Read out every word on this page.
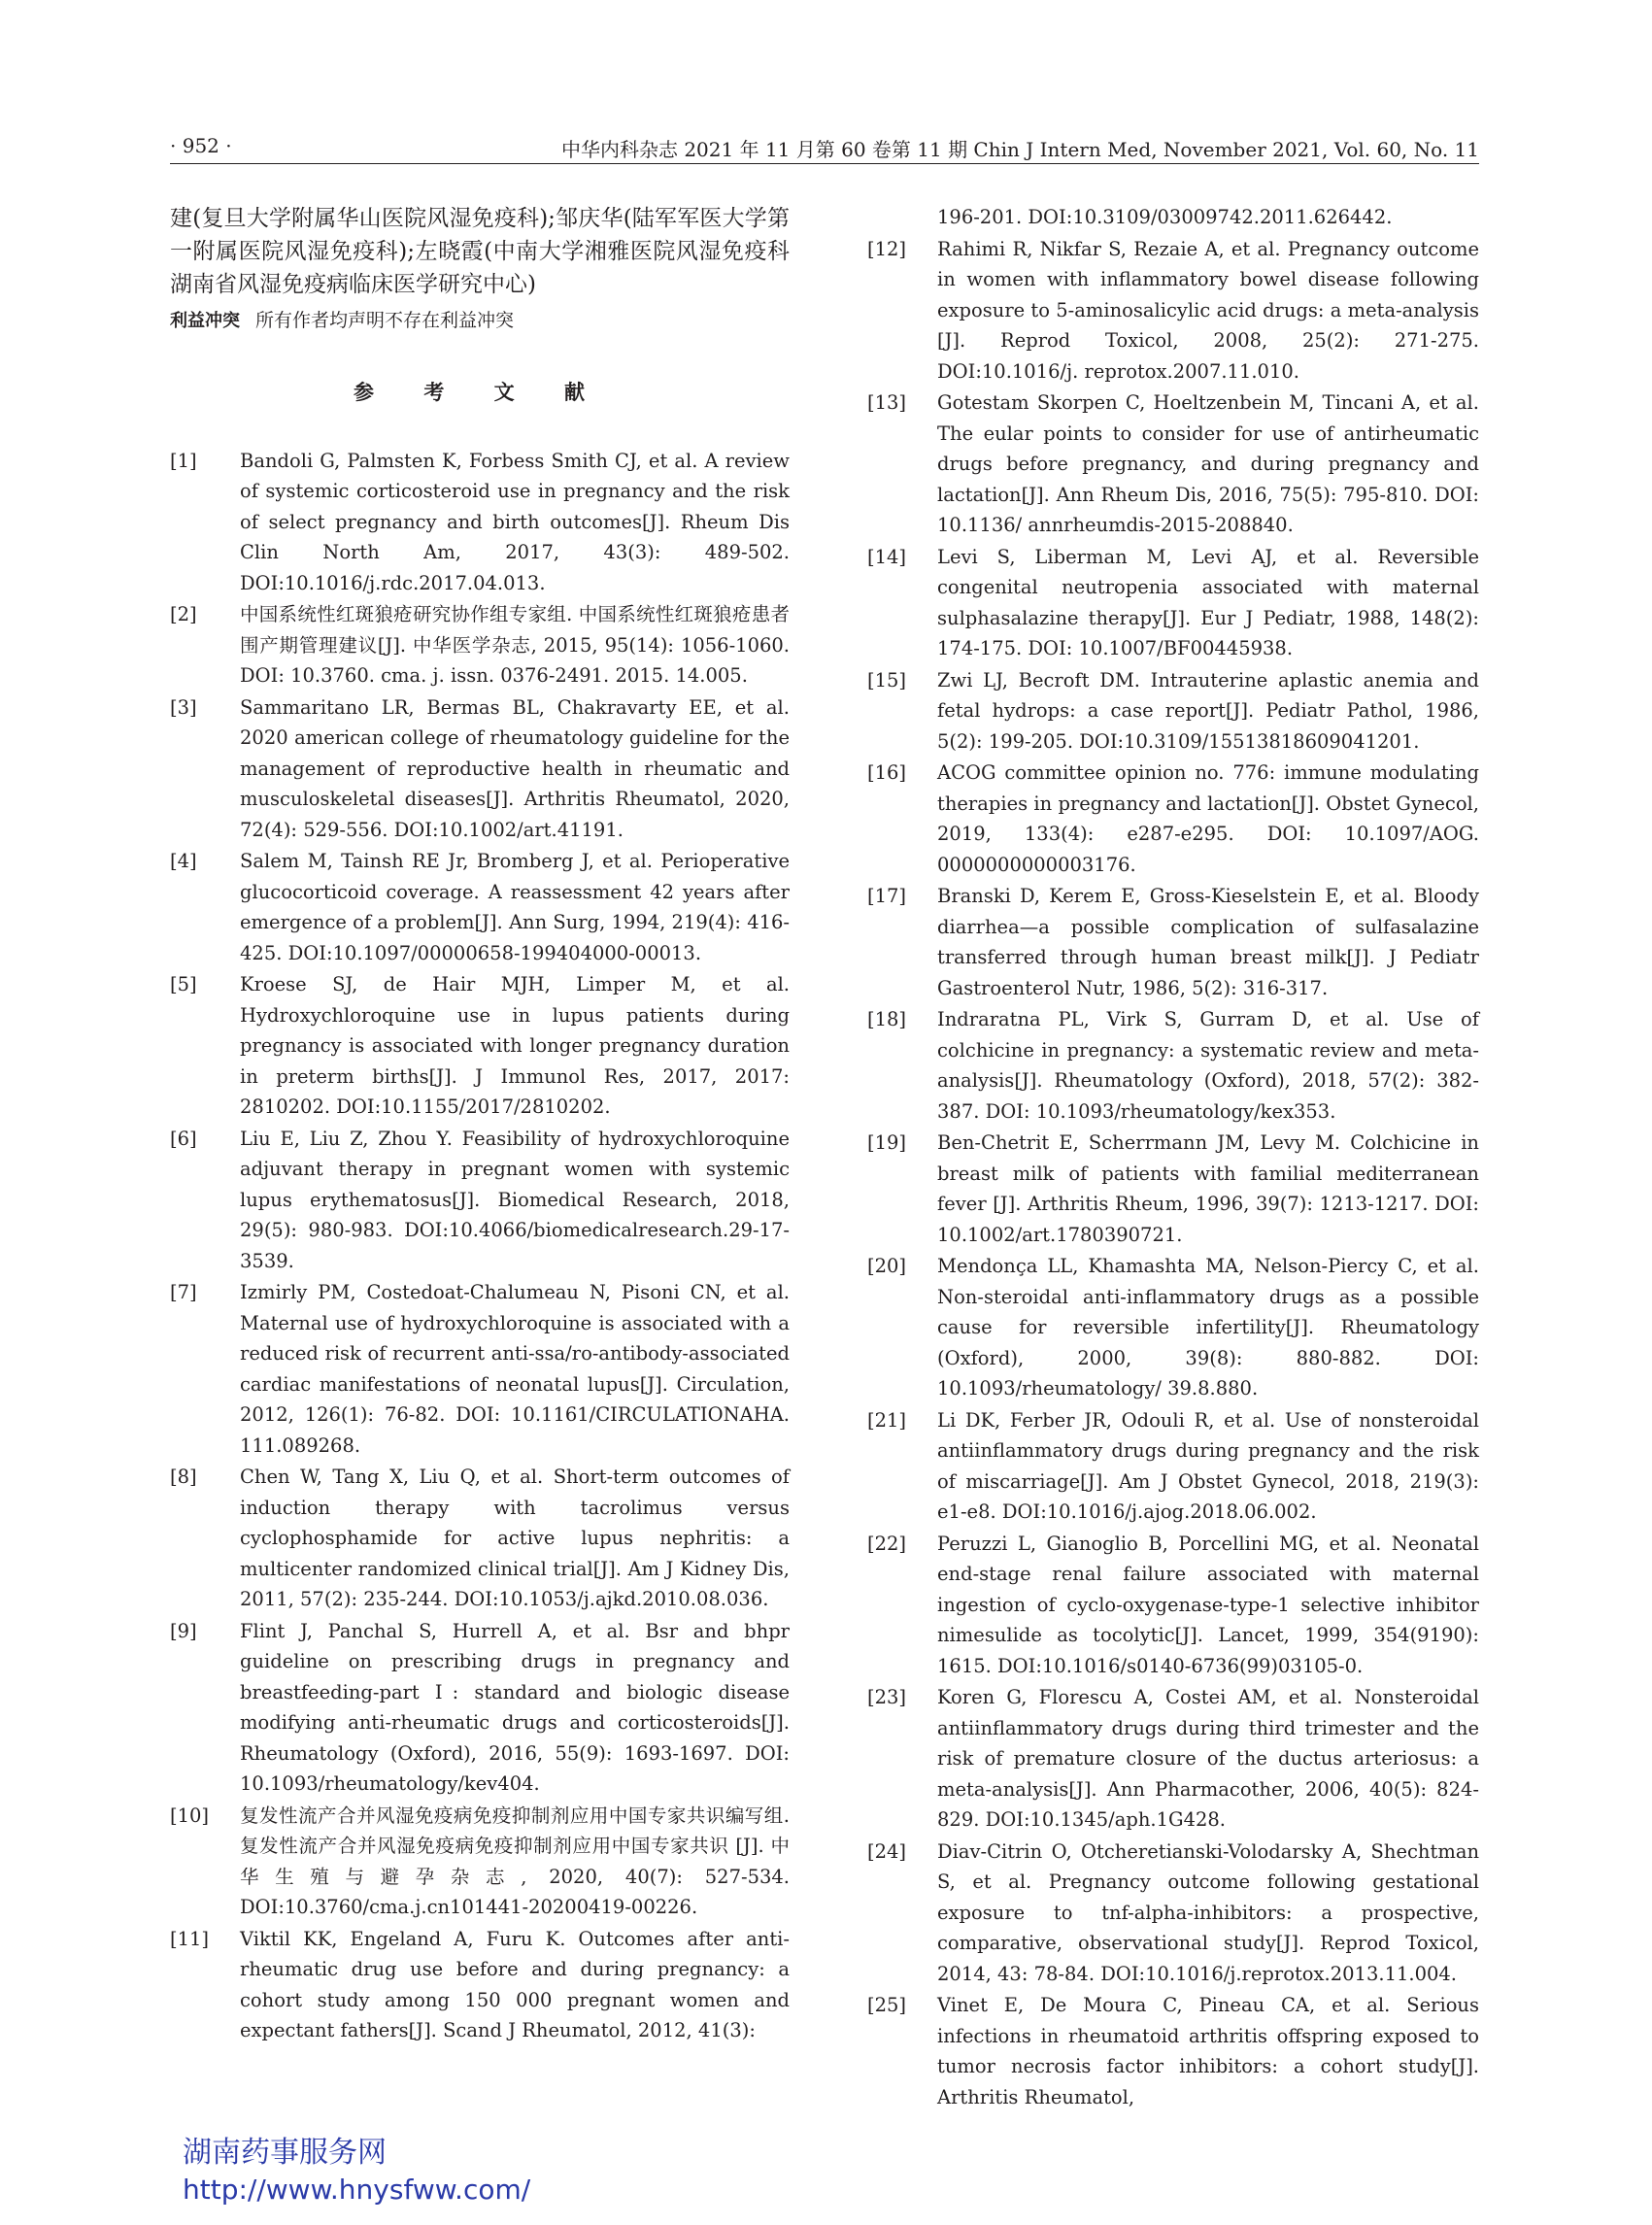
· 952 ·	中华内科杂志 2021 年 11 月第 60 卷第 11 期 Chin J Intern Med, November 2021, Vol. 60, No. 11

建(复旦大学附属华山医院风湿免疫科);邹庆华(陆军军医大学第一附属医院风湿免疫科);左晓霞(中南大学湘雅医院风湿免疫科 湖南省风湿免疫病临床医学研究中心)

利益冲突 所有作者均声明不存在利益冲突
参 考 文 献
[1]	Bandoli G, Palmsten K, Forbess Smith CJ, et al. A review of systemic corticosteroid use in pregnancy and the risk of select pregnancy and birth outcomes[J]. Rheum Dis Clin North Am, 2017, 43(3): 489-502. DOI:10.1016/j.rdc.2017.04.013.
[2]	中国系统性红斑狼疮研究协作组专家组. 中国系统性红斑狼疮患者围产期管理建议[J]. 中华医学杂志, 2015, 95(14): 1056-1060. DOI: 10.3760. cma. j. issn. 0376-2491. 2015. 14.005.
[3]	Sammaritano LR, Bermas BL, Chakravarty EE, et al. 2020 american college of rheumatology guideline for the management of reproductive health in rheumatic and musculoskeletal diseases[J]. Arthritis Rheumatol, 2020, 72(4): 529-556. DOI:10.1002/art.41191.
[4]	Salem M, Tainsh RE Jr, Bromberg J, et al. Perioperative glucocorticoid coverage. A reassessment 42 years after emergence of a problem[J]. Ann Surg, 1994, 219(4): 416-425. DOI:10.1097/00000658-199404000-00013.
[5]	Kroese SJ, de Hair MJH, Limper M, et al. Hydroxychloroquine use in lupus patients during pregnancy is associated with longer pregnancy duration in preterm births[J]. J Immunol Res, 2017, 2017: 2810202. DOI:10.1155/2017/2810202.
[6]	Liu E, Liu Z, Zhou Y. Feasibility of hydroxychloroquine adjuvant therapy in pregnant women with systemic lupus erythematosus[J]. Biomedical Research, 2018, 29(5): 980-983. DOI:10.4066/biomedicalresearch.29-17-3539.
[7]	Izmirly PM, Costedoat-Chalumeau N, Pisoni CN, et al. Maternal use of hydroxychloroquine is associated with a reduced risk of recurrent anti-ssa/ro-antibody-associated cardiac manifestations of neonatal lupus[J]. Circulation, 2012, 126(1): 76-82. DOI: 10.1161/CIRCULATIONAHA. 111.089268.
[8]	Chen W, Tang X, Liu Q, et al. Short-term outcomes of induction therapy with tacrolimus versus cyclophosphamide for active lupus nephritis: a multicenter randomized clinical trial[J]. Am J Kidney Dis, 2011, 57(2): 235-244. DOI:10.1053/j.ajkd.2010.08.036.
[9]	Flint J, Panchal S, Hurrell A, et al. Bsr and bhpr guideline on prescribing drugs in pregnancy and breastfeeding-part Ⅰ: standard and biologic disease modifying anti-rheumatic drugs and corticosteroids[J]. Rheumatology (Oxford), 2016, 55(9): 1693-1697. DOI: 10.1093/rheumatology/kev404.
[10]	复发性流产合并风湿免疫病免疫抑制剂应用中国专家共识编写组. 复发性流产合并风湿免疫病免疫抑制剂应用中国专家共识 [J]. 中华生殖与避孕杂志, 2020, 40(7): 527-534. DOI:10.3760/cma.j.cn101441-20200419-00226.
[11]	Viktil KK, Engeland A, Furu K. Outcomes after anti-rheumatic drug use before and during pregnancy: a cohort study among 150 000 pregnant women and expectant fathers[J]. Scand J Rheumatol, 2012, 41(3):
196-201. DOI:10.3109/03009742.2011.626442.
[12]	Rahimi R, Nikfar S, Rezaie A, et al. Pregnancy outcome in women with inflammatory bowel disease following exposure to 5-aminosalicylic acid drugs: a meta-analysis [J]. Reprod Toxicol, 2008, 25(2): 271-275. DOI:10.1016/j. reprotox.2007.11.010.
[13]	Gotestam Skorpen C, Hoeltzenbein M, Tincani A, et al. The eular points to consider for use of antirheumatic drugs before pregnancy, and during pregnancy and lactation[J]. Ann Rheum Dis, 2016, 75(5): 795-810. DOI: 10.1136/ annrheumdis-2015-208840.
[14]	Levi S, Liberman M, Levi AJ, et al. Reversible congenital neutropenia associated with maternal sulphasalazine therapy[J]. Eur J Pediatr, 1988, 148(2): 174-175. DOI: 10.1007/BF00445938.
[15]	Zwi LJ, Becroft DM. Intrauterine aplastic anemia and fetal hydrops: a case report[J]. Pediatr Pathol, 1986, 5(2): 199-205. DOI:10.3109/15513818609041201.
[16]	ACOG committee opinion no. 776: immune modulating therapies in pregnancy and lactation[J]. Obstet Gynecol, 2019, 133(4): e287-e295. DOI: 10.1097/AOG. 0000000000003176.
[17]	Branski D, Kerem E, Gross-Kieselstein E, et al. Bloody diarrhea—a possible complication of sulfasalazine transferred through human breast milk[J]. J Pediatr Gastroenterol Nutr, 1986, 5(2): 316-317.
[18]	Indraratna PL, Virk S, Gurram D, et al. Use of colchicine in pregnancy: a systematic review and meta-analysis[J]. Rheumatology (Oxford), 2018, 57(2): 382-387. DOI: 10.1093/rheumatology/kex353.
[19]	Ben-Chetrit E, Scherrmann JM, Levy M. Colchicine in breast milk of patients with familial mediterranean fever [J]. Arthritis Rheum, 1996, 39(7): 1213-1217. DOI: 10.1002/art.1780390721.
[20]	Mendonça LL, Khamashta MA, Nelson-Piercy C, et al. Non-steroidal anti-inflammatory drugs as a possible cause for reversible infertility[J]. Rheumatology (Oxford), 2000, 39(8): 880-882. DOI: 10.1093/rheumatology/ 39.8.880.
[21]	Li DK, Ferber JR, Odouli R, et al. Use of nonsteroidal antiinflammatory drugs during pregnancy and the risk of miscarriage[J]. Am J Obstet Gynecol, 2018, 219(3): e1-e8. DOI:10.1016/j.ajog.2018.06.002.
[22]	Peruzzi L, Gianoglio B, Porcellini MG, et al. Neonatal end-stage renal failure associated with maternal ingestion of cyclo-oxygenase-type-1 selective inhibitor nimesulide as tocolytic[J]. Lancet, 1999, 354(9190): 1615. DOI:10.1016/s0140-6736(99)03105-0.
[23]	Koren G, Florescu A, Costei AM, et al. Nonsteroidal antiinflammatory drugs during third trimester and the risk of premature closure of the ductus arteriosus: a meta-analysis[J]. Ann Pharmacother, 2006, 40(5): 824-829. DOI:10.1345/aph.1G428.
[24]	Diav-Citrin O, Otcheretianski-Volodarsky A, Shechtman S, et al. Pregnancy outcome following gestational exposure to tnf-alpha-inhibitors: a prospective, comparative, observational study[J]. Reprod Toxicol, 2014, 43: 78-84. DOI:10.1016/j.reprotox.2013.11.004.
[25]	Vinet E, De Moura C, Pineau CA, et al. Serious infections in rheumatoid arthritis offspring exposed to tumor necrosis factor inhibitors: a cohort study[J]. Arthritis Rheumatol,
湖南药事服务网
http://www.hnysfww.com/
